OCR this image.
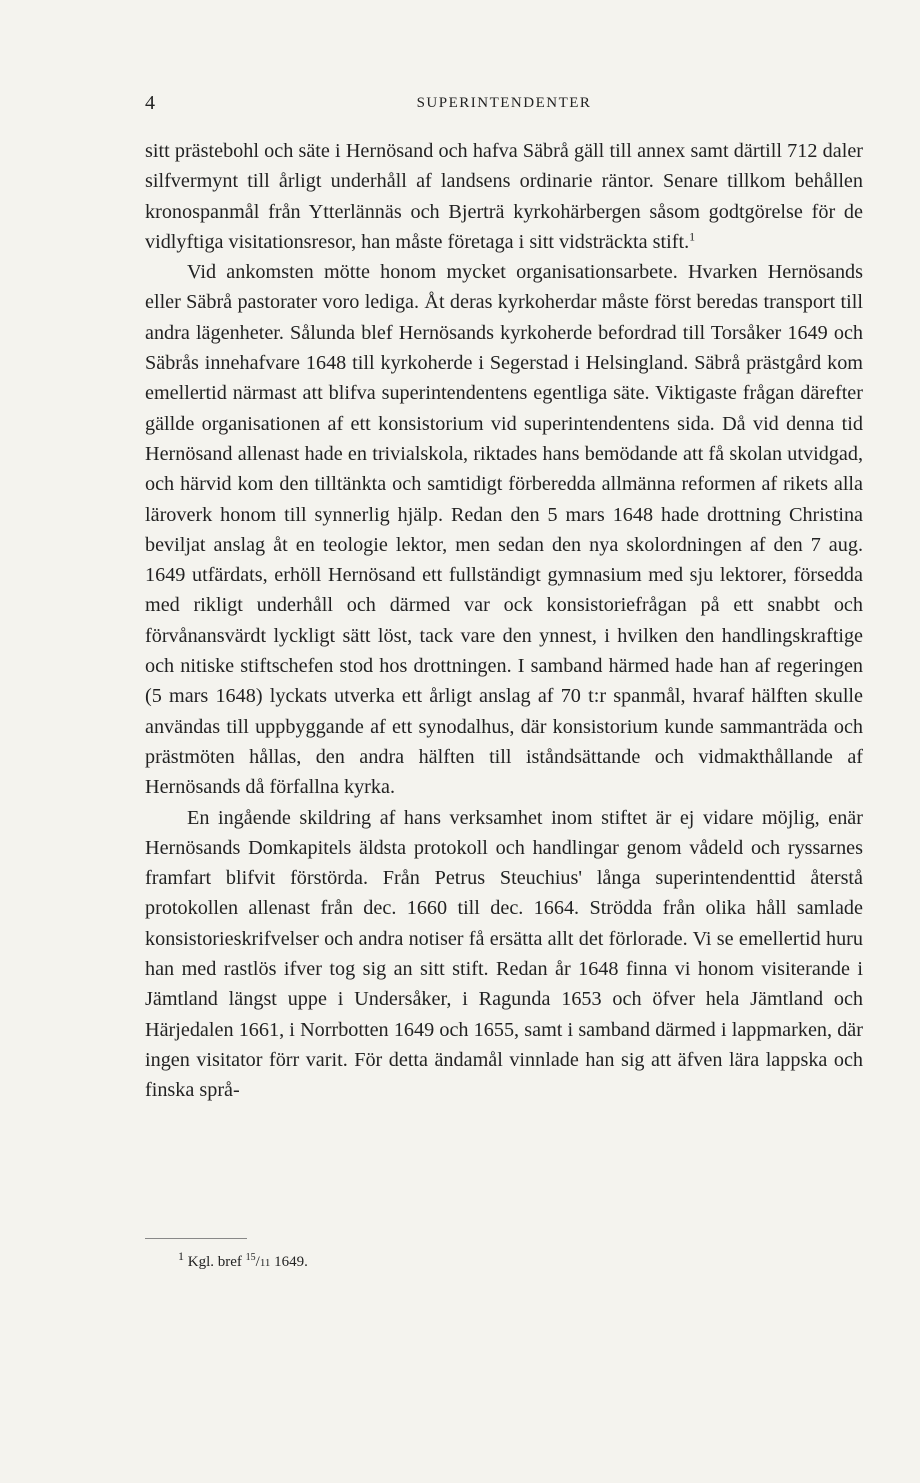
4	SUPERINTENDENTER

sitt prästebohl och säte i Hernösand och hafva Säbrå gäll till annex samt därtill 712 daler silfvermynt till årligt underhåll af landsens ordinarie räntor. Senare tillkom behållen kronospanmål från Ytterlännäs och Bjerträ kyrkohärbergen såsom godtgörelse för de vidlyftiga visitationsresor, han måste företaga i sitt vidsträckta stift.$^1$

Vid ankomsten mötte honom mycket organisationsarbete. Hvarken Hernösands eller Säbrå pastorater voro lediga. Åt deras kyrkoherdar måste först beredas transport till andra lägenheter. Sålunda blef Hernösands kyrkoherde befordrad till Torsåker 1649 och Säbrås innehafvare 1648 till kyrkoherde i Segerstad i Helsingland. Säbrå prästgård kom emellertid närmast att blifva superintendentens egentliga säte. Viktigaste frågan därefter gällde organisationen af ett konsistorium vid superintendentens sida. Då vid denna tid Hernösand allenast hade en trivialskola, riktades hans bemödande att få skolan utvidgad, och härvid kom den tilltänkta och samtidigt förberedda allmänna reformen af rikets alla läroverk honom till synnerlig hjälp. Redan den 5 mars 1648 hade drottning Christina beviljat anslag åt en teologie lektor, men sedan den nya skolordningen af den 7 aug. 1649 utfärdats, erhöll Hernösand ett fullständigt gymnasium med sju lektorer, försedda med rikligt underhåll och därmed var ock konsistoriefrågan på ett snabbt och förvånansvärdt lyckligt sätt löst, tack vare den ynnest, i hvilken den handlingskraftige och nitiske stiftschefen stod hos drottningen. I samband härmed hade han af regeringen (5 mars 1648) lyckats utverka ett årligt anslag af 70 t:r spanmål, hvaraf hälften skulle användas till uppbyggande af ett synodalhus, där konsistorium kunde sammanträda och prästmöten hållas, den andra hälften till iståndsättande och vidmakthållande af Hernösands då förfallna kyrka.

En ingående skildring af hans verksamhet inom stiftet är ej vidare möjlig, enär Hernösands Domkapitels äldsta protokoll och handlingar genom vådeld och ryssarnes framfart blifvit förstörda. Från Petrus Steuchius' långa superintendenttid återstå protokollen allenast från dec. 1660 till dec. 1664. Strödda från olika håll samlade konsistorieskrifvelser och andra notiser få ersätta allt det förlorade. Vi se emellertid huru han med rastlös ifver tog sig an sitt stift. Redan år 1648 finna vi honom visiterande i Jämtland längst uppe i Undersåker, i Ragunda 1653 och öfver hela Jämtland och Härjedalen 1661, i Norrbotten 1649 och 1655, samt i samband därmed i lappmarken, där ingen visitator förr varit. För detta ändamål vinnlade han sig att äfven lära lappska och finska språ-

$^1$ Kgl. bref $^{15}$/11 1649.
